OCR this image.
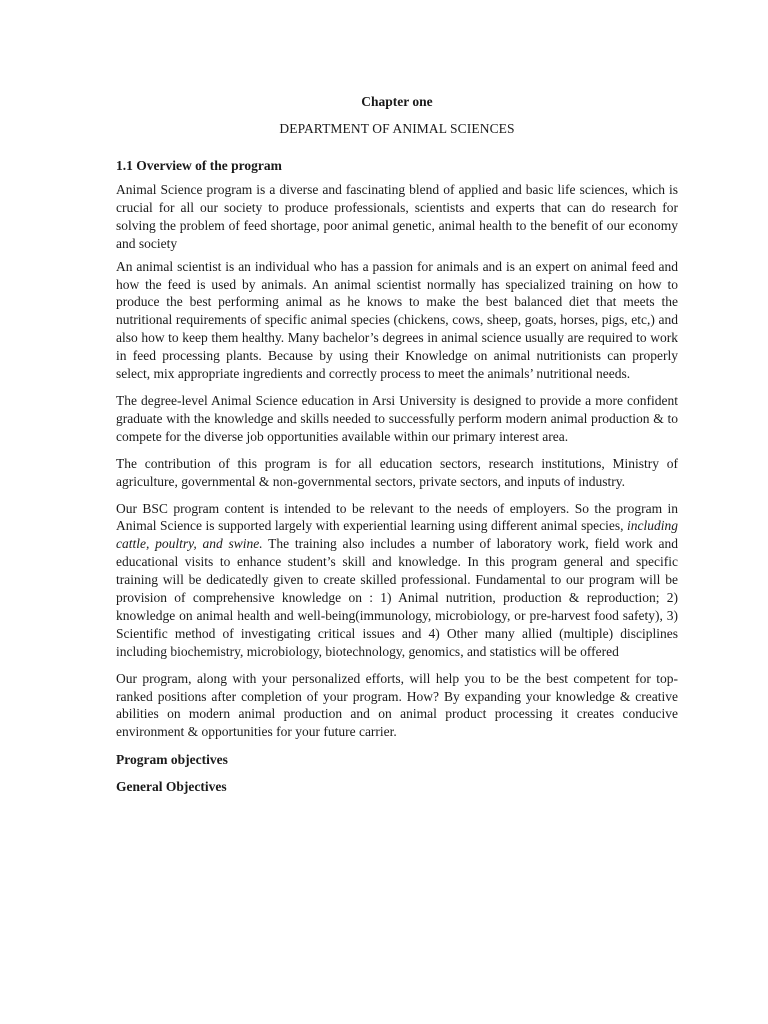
Chapter one
DEPARTMENT OF ANIMAL SCIENCES
1.1 Overview of the program

Animal Science program is a diverse and fascinating blend of applied and basic life sciences, which is crucial for all our society to produce professionals, scientists and experts that can do research for solving the problem of feed shortage, poor animal genetic, animal health to the benefit of our economy and society

An animal scientist is an individual who has a passion for animals and is an expert on animal feed and how the feed is used by animals. An animal scientist normally has specialized training on how to produce the best performing animal as he knows to make the best balanced diet that meets the nutritional requirements of specific animal species (chickens, cows, sheep, goats, horses, pigs, etc,) and also how to keep them healthy. Many bachelor’s degrees in animal science usually are required to work in feed processing plants. Because by using their Knowledge on animal nutritionists can properly select, mix appropriate ingredients and correctly process to meet the animals’ nutritional needs.

The degree-level Animal Science education in Arsi University is designed to provide a more confident graduate with the knowledge and skills needed to successfully perform modern animal production & to compete for the diverse job opportunities available within our primary interest area.

The contribution of this program is for all education sectors, research institutions, Ministry of agriculture, governmental & non-governmental sectors, private sectors, and inputs of industry.

Our BSC program content is intended to be relevant to the needs of employers. So the program in Animal Science is supported largely with experiential learning using different animal species, including cattle, poultry, and swine. The training also includes a number of laboratory work, field work and educational visits to enhance student’s skill and knowledge. In this program general and specific training will be dedicatedly given to create skilled professional. Fundamental to our program will be provision of comprehensive knowledge on : 1) Animal nutrition, production & reproduction; 2) knowledge on animal health and well-being(immunology, microbiology, or pre-harvest food safety), 3) Scientific method of investigating critical issues and 4) Other many allied (multiple) disciplines including biochemistry, microbiology, biotechnology, genomics, and statistics will be offered

Our program, along with your personalized efforts, will help you to be the best competent for top-ranked positions after completion of your program. How? By expanding your knowledge & creative abilities on modern animal production and on animal product processing it creates conducive environment & opportunities for your future carrier.

Program objectives
General Objectives
